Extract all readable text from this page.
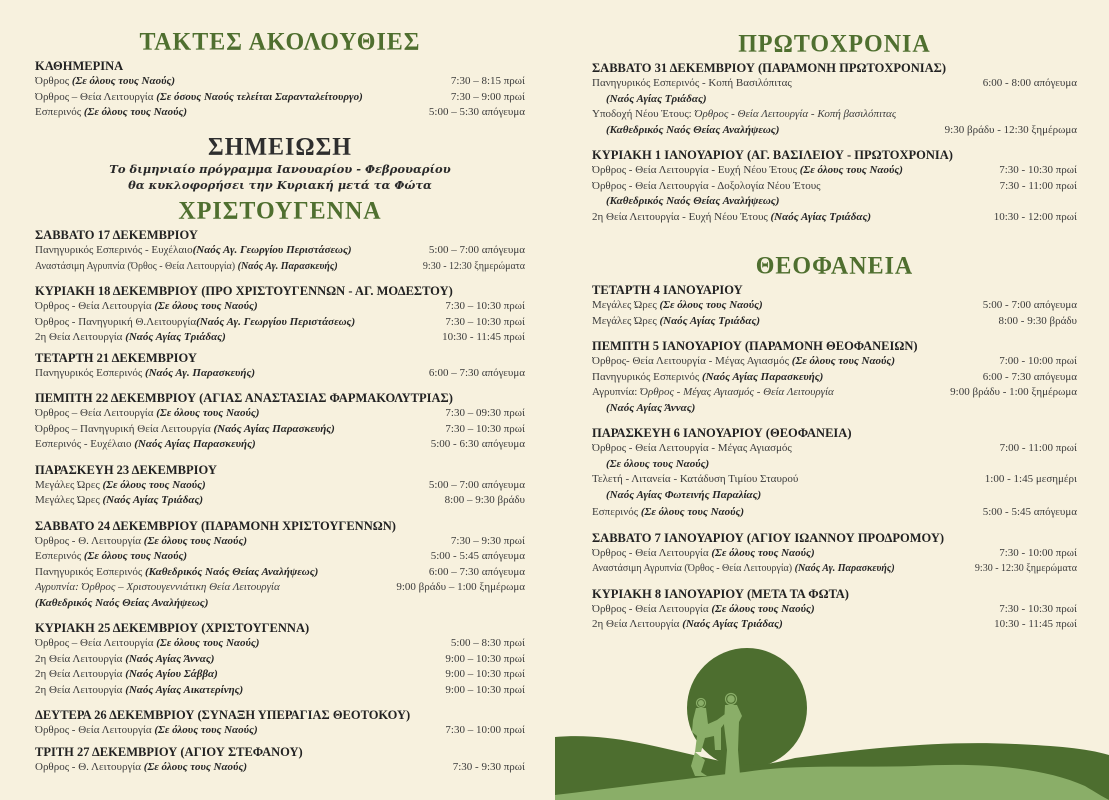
ΤΑΚΤΕΣ ΑΚΟΛΟΥΘΙΕΣ
ΚΑΘΗΜΕΡΙΝΑ
Όρθρος (Σε όλους τους Ναούς)	7:30 – 8:15 πρωί
Όρθρος – Θεία Λειτουργία (Σε όσους Ναούς τελείται Σαρανταλείτουργο)	7:30 – 9:00 πρωί
Εσπερινός (Σε όλους τους Ναούς)	5:00 – 5:30 απόγευμα
ΣΗΜΕΙΩΣΗ
Το διμηνιαίο πρόγραμμα Ιανουαρίου - Φεβρουαρίου
θα κυκλοφορήσει την Κυριακή μετά τα Φώτα
ΧΡΙΣΤΟΥΓΕΝΝΑ
ΣΑΒΒΑΤΟ 17 ΔΕΚΕΜΒΡΙΟΥ
Πανηγυρικός Εσπερινός - Ευχέλαιο(Ναός Αγ. Γεωργίου Περιστάσεως)	5:00 – 7:00 απόγευμα
Αναστάσιμη Αγρυπνία (Όρθος - Θεία Λειτουργία) (Ναός Αγ. Παρασκευής)	9:30 - 12:30 ξημερώματα
ΚΥΡΙΑΚΗ 18 ΔΕΚΕΜΒΡΙΟΥ (ΠΡΟ ΧΡΙΣΤΟΥΓΕΝΝΩΝ - ΑΓ. ΜΟΔΕΣΤΟΥ)
Όρθρος - Θεία Λειτουργία (Σε όλους τους Ναούς)	7:30 – 10:30 πρωί
Όρθρος - Πανηγυρική Θ.Λειτουργία(Ναός Αγ. Γεωργίου Περιστάσεως)	7:30 – 10:30 πρωί
2η Θεία Λειτουργία (Ναός Αγίας Τριάδας)	10:30 - 11:45 πρωί
ΤΕΤΑΡΤΗ 21 ΔΕΚΕΜΒΡΙΟΥ
Πανηγυρικός Εσπερινός (Ναός Αγ. Παρασκευής)	6:00 – 7:30 απόγευμα
ΠΕΜΠΤΗ 22 ΔΕΚΕΜΒΡΙΟΥ (ΑΓΙΑΣ ΑΝΑΣΤΑΣΙΑΣ ΦΑΡΜΑΚΟΛΥΤΡΙΑΣ)
Όρθρος – Θεία Λειτουργία (Σε όλους τους Ναούς)	7:30 – 09:30 πρωί
Όρθρος – Πανηγυρική Θεία Λειτουργία (Ναός Αγίας Παρασκευής)	7:30 – 10:30 πρωί
Εσπερινός - Ευχέλαιο (Ναός Αγίας Παρασκευής)	5:00 - 6:30 απόγευμα
ΠΑΡΑΣΚΕΥΗ 23 ΔΕΚΕΜΒΡΙΟΥ
Μεγάλες Ώρες (Σε όλους τους Ναούς)	5:00 – 7:00 απόγευμα
Μεγάλες Ώρες (Ναός Αγίας Τριάδας)	8:00 – 9:30 βράδυ
ΣΑΒΒΑΤΟ 24 ΔΕΚΕΜΒΡΙΟΥ (ΠΑΡΑΜΟΝΗ ΧΡΙΣΤΟΥΓΕΝΝΩΝ)
Όρθρος - Θ. Λειτουργία (Σε όλους τους Ναούς)	7:30 – 9:30 πρωί
Εσπερινός (Σε όλους τους Ναούς)	5:00 - 5:45 απόγευμα
Πανηγυρικός Εσπερινός (Καθεδρικός Ναός Θείας Αναλήψεως)	6:00 – 7:30 απόγευμα
Αγρυπνία: Όρθρος – Χριστουγεννιάτικη Θεία Λειτουργία	9:00 βράδυ – 1:00 ξημέρωμα
(Καθεδρικός Ναός Θείας Αναλήψεως)
ΚΥΡΙΑΚΗ 25 ΔΕΚΕΜΒΡΙΟΥ (ΧΡΙΣΤΟΥΓΕΝΝΑ)
Όρθρος – Θεία Λειτουργία (Σε όλους τους Ναούς)	5:00 – 8:30 πρωί
2η Θεία Λειτουργία (Ναός Αγίας Άννας)	9:00 – 10:30 πρωί
2η Θεία Λειτουργία (Ναός Αγίου Σάββα)	9:00 – 10:30 πρωί
2η Θεία Λειτουργία (Ναός Αγίας Αικατερίνης)	9:00 – 10:30 πρωί
ΔΕΥΤΕΡΑ 26 ΔΕΚΕΜΒΡΙΟΥ (ΣΥΝΑΞΗ ΥΠΕΡΑΓΙΑΣ ΘΕΟΤΟΚΟΥ)
Όρθρος - Θεία Λειτουργία (Σε όλους τους Ναούς)	7:30 – 10:00 πρωί
ΤΡΙΤΗ 27 ΔΕΚΕΜΒΡΙΟΥ (ΑΓΙΟΥ ΣΤΕΦΑΝΟΥ)
Ορθρος - Θ. Λειτουργία (Σε όλους τους Ναούς)	7:30 - 9:30 πρωί
ΠΡΩΤΟΧΡΟΝΙΑ
ΣΑΒΒΑΤΟ 31 ΔΕΚΕΜΒΡΙΟΥ (ΠΑΡΑΜΟΝΗ ΠΡΩΤΟΧΡΟΝΙΑΣ)
Πανηγυρικός Εσπερινός - Κοπή Βασιλόπιτας	6:00 - 8:00 απόγευμα
(Ναός Αγίας Τριάδας)
Υποδοχή Νέου Έτους: Όρθρος - Θεία Λειτουργία - Κοπή βασιλόπιτας
(Καθεδρικός Ναός Θείας Αναλήψεως)	9:30 βράδυ - 12:30 ξημέρωμα
ΚΥΡΙΑΚΗ 1 ΙΑΝΟΥΑΡΙΟΥ (ΑΓ. ΒΑΣΙΛΕΙΟΥ - ΠΡΩΤΟΧΡΟΝΙΑ)
Όρθρος - Θεία Λειτουργία - Ευχή Νέου Έτους (Σε όλους τους Ναούς)	7:30 - 10:30 πρωί
Όρθρος - Θεία Λειτουργία - Δοξολογία Νέου Έτους	7:30 - 11:00 πρωί
(Καθεδρικός Ναός Θείας Αναλήψεως)
2η Θεία Λειτουργία - Ευχή Νέου Έτους (Ναός Αγίας Τριάδας)	10:30 - 12:00 πρωί
ΘΕΟΦΑΝΕΙΑ
ΤΕΤΑΡΤΗ 4 ΙΑΝΟΥΑΡΙΟΥ
Μεγάλες Ώρες (Σε όλους τους Ναούς)	5:00 - 7:00 απόγευμα
Μεγάλες Ώρες (Ναός Αγίας Τριάδας)	8:00 - 9:30 βράδυ
ΠΕΜΠΤΗ 5 ΙΑΝΟΥΑΡΙΟΥ (ΠΑΡΑΜΟΝΗ ΘΕΟΦΑΝΕΙΩΝ)
Όρθρος- Θεία Λειτουργία - Μέγας Αγιασμός (Σε όλους τους Ναούς)	7:00 - 10:00 πρωί
Πανηγυρικός Εσπερινός (Ναός Αγίας Παρασκευής)	6:00 - 7:30 απόγευμα
Αγρυπνία: Όρθρος - Μέγας Αγιασμός - Θεία Λειτουργία	9:00 βράδυ - 1:00 ξημέρωμα
(Ναός Αγίας Άννας)
ΠΑΡΑΣΚΕΥΗ 6 ΙΑΝΟΥΑΡΙΟΥ (ΘΕΟΦΑΝΕΙΑ)
Όρθρος - Θεία Λειτουργία - Μέγας Αγιασμός	7:00 - 11:00 πρωί
(Σε όλους τους Ναούς)
Τελετή - Λιτανεία - Κατάδυση Τιμίου Σταυρού	1:00 - 1:45 μεσημέρι
(Ναός Αγίας Φωτεινής Παραλίας)
Εσπερινός (Σε όλους τους Ναούς)	5:00 - 5:45 απόγευμα
ΣΑΒΒΑΤΟ 7 ΙΑΝΟΥΑΡΙΟΥ (ΑΓΙΟΥ ΙΩΑΝΝΟΥ ΠΡΟΔΡΟΜΟΥ)
Όρθρος - Θεία Λειτουργία (Σε όλους τους Ναούς)	7:30 - 10:00 πρωί
Αναστάσιμη Αγρυπνία (Όρθος - Θεία Λειτουργία) (Ναός Αγ. Παρασκευής)	9:30 - 12:30 ξημερώματα
ΚΥΡΙΑΚΗ 8 ΙΑΝΟΥΑΡΙΟΥ (ΜΕΤΑ ΤΑ ΦΩΤΑ)
Όρθρος - Θεία Λειτουργία (Σε όλους τους Ναούς)	7:30 - 10:30 πρωί
2η Θεία Λειτουργία (Ναός Αγίας Τριάδας)	10:30 - 11:45 πρωί
